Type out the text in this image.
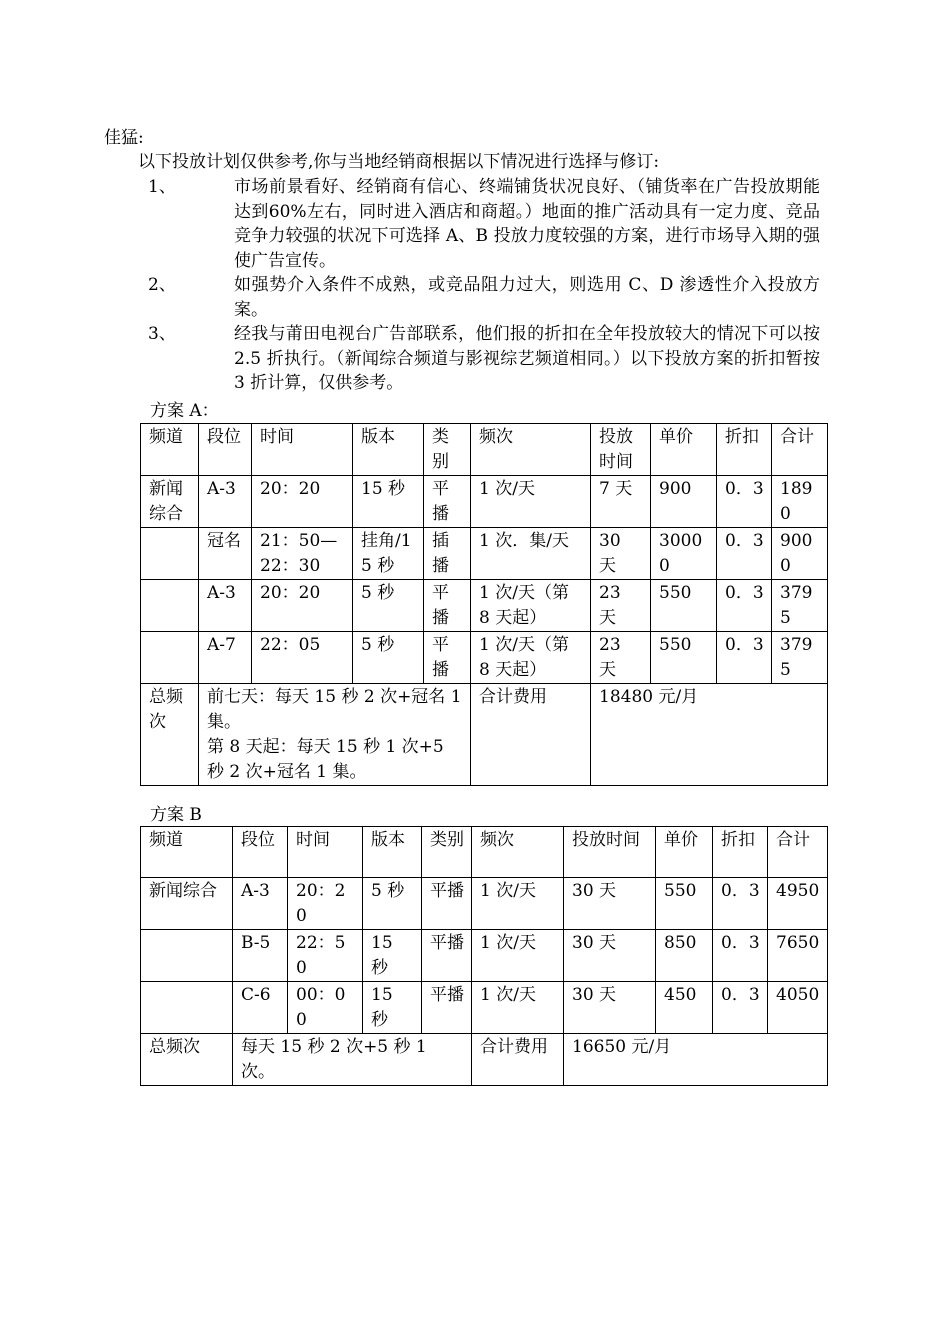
佳猛:
以下投放计划仅供参考,你与当地经销商根据以下情况进行选择与修订:
1、	市场前景看好、经销商有信心、终端铺货状况良好、（铺货率在广告投放期能达到60%左右，同时进入酒店和商超。）地面的推广活动具有一定力度、竞品竞争力较强的状况下可选择 A、B 投放力度较强的方案，进行市场导入期的强使广告宣传。
2、	如强势介入条件不成熟，或竞品阻力过大，则选用 C、D 渗透性介入投放方案。
3、	经我与莆田电视台广告部联系，他们报的折扣在全年投放较大的情况下可以按 2.5 折执行。（新闻综合频道与影视综艺频道相同。）以下投放方案的折扣暂按 3 折计算，仅供参考。
方案 A：
频道	段位	时间	版本	类别	频次	投放时间	单价	折扣	合计
新闻综合	A-3	20：20	15 秒	平播	1 次/天	7 天	900	0．3	1890
	冠名	21：50—22：30	挂角/15 秒	插播	1 次．集/天	30 天	30000	0．3	9000
	A-3	20：20	5 秒	平播	1 次/天（第 8 天起）	23 天	550	0．3	3795
	A-7	22：05	5 秒	平播	1 次/天（第 8 天起）	23 天	550	0．3	3795
总频次	前七天：每天 15 秒 2 次+冠名 1 集。
第 8 天起：每天 15 秒 1 次+5 秒 2 次+冠名 1 集。				合计费用	18480 元/月			
方案 B
频道	段位	时间	版本	类别	频次	投放时间	单价	折扣	合计
新闻综合	A-3	20：20	5 秒	平播	1 次/天	30 天	550	0．3	4950
	B-5	22：50	15 秒	平播	1 次/天	30 天	850	0．3	7650
	C-6	00：00	15 秒	平播	1 次/天	30 天	450	0．3	4050
总频次	每天 15 秒 2 次+5 秒 1 次。				合计费用	16650 元/月			
